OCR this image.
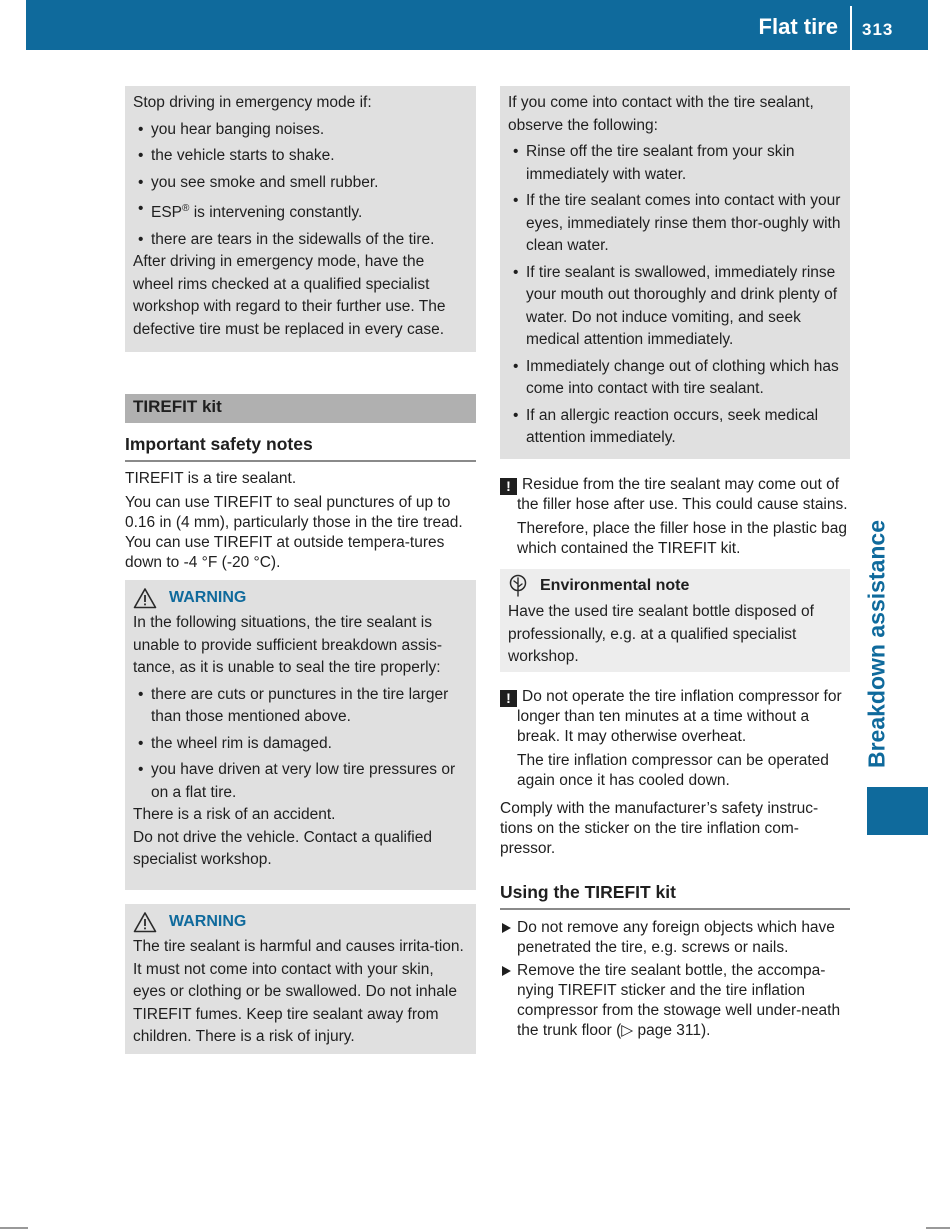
Flat tire 313
Breakdown assistance

Stop driving in emergency mode if:

• you hear banging noises.
• the vehicle starts to shake.
• you see smoke and smell rubber.
• ESP® is intervening constantly.
• there are tears in the sidewalls of the tire.

After driving in emergency mode, have the wheel rims checked at a qualified specialist workshop with regard to their further use. The defective tire must be replaced in every case.

TIREFIT kit
Important safety notes

TIREFIT is a tire sealant.

You can use TIREFIT to seal punctures of up to 0.16 in (4 mm), particularly those in the tire tread. You can use TIREFIT at outside tempera-tures down to -4 °F (-20 °C).

WARNING

In the following situations, the tire sealant is unable to provide sufficient breakdown assis-tance, as it is unable to seal the tire properly:

• there are cuts or punctures in the tire larger than those mentioned above.
• the wheel rim is damaged.
• you have driven at very low tire pressures or on a flat tire.

There is a risk of an accident.

Do not drive the vehicle. Contact a qualified specialist workshop.

WARNING

The tire sealant is harmful and causes irrita-tion. It must not come into contact with your skin, eyes or clothing or be swallowed. Do not inhale TIREFIT fumes. Keep tire sealant away from children. There is a risk of injury.

If you come into contact with the tire sealant, observe the following:

• Rinse off the tire sealant from your skin immediately with water.
• If the tire sealant comes into contact with your eyes, immediately rinse them thor-oughly with clean water.
• If tire sealant is swallowed, immediately rinse your mouth out thoroughly and drink plenty of water. Do not induce vomiting, and seek medical attention immediately.
• Immediately change out of clothing which has come into contact with tire sealant.
• If an allergic reaction occurs, seek medical attention immediately.

! Residue from the tire sealant may come out of the filler hose after use. This could cause stains.

Therefore, place the filler hose in the plastic bag which contained the TIREFIT kit.

Environmental note

Have the used tire sealant bottle disposed of professionally, e.g. at a qualified specialist workshop.

! Do not operate the tire inflation compressor for longer than ten minutes at a time without a break. It may otherwise overheat.

The tire inflation compressor can be operated again once it has cooled down.

Comply with the manufacturer’s safety instruc-tions on the sticker on the tire inflation com-pressor.

Using the TIREFIT kit
Do not remove any foreign objects which have penetrated the tire, e.g. screws or nails.
Remove the tire sealant bottle, the accompa-nying TIREFIT sticker and the tire inflation compressor from the stowage well under-neath the trunk floor (▷ page 311).
